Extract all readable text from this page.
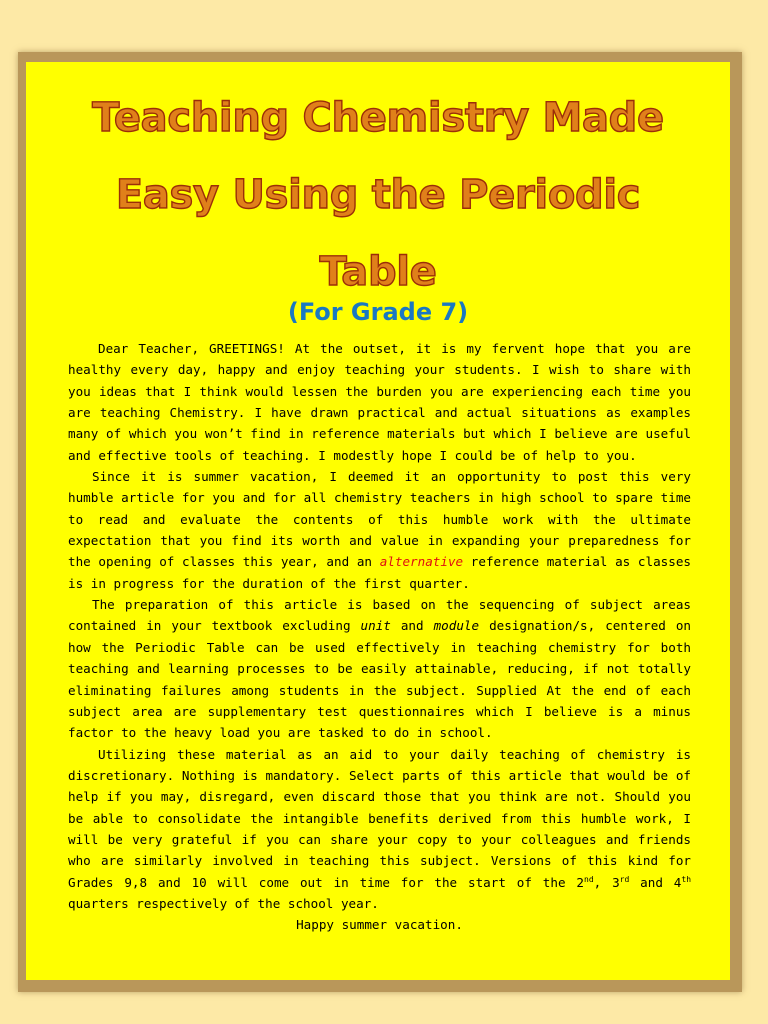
Teaching Chemistry Made
Easy Using the Periodic
Table
(For Grade 7)

Dear Teacher, GREETINGS! At the outset, it is my fervent hope that you are healthy every day, happy and enjoy teaching your students. I wish to share with you ideas that I think would lessen the burden you are experiencing each time you are teaching Chemistry. I have drawn practical and actual situations as examples many of which you won’t find in reference materials but which I believe are useful and effective tools of teaching. I modestly hope I could be of help to you.

Since it is summer vacation, I deemed it an opportunity to post this very humble article for you and for all chemistry teachers in high school to spare time to read and evaluate the contents of this humble work with the ultimate expectation that you find its worth and value in expanding your preparedness for the opening of classes this year, and an alternative reference material as classes is in progress for the duration of the first quarter.

The preparation of this article is based on the sequencing of subject areas contained in your textbook excluding unit and module designation/s, centered on how the Periodic Table can be used effectively in teaching chemistry for both teaching and learning processes to be easily attainable, reducing, if not totally eliminating failures among students in the subject. Supplied At the end of each subject area are supplementary test questionnaires which I believe is a minus factor to the heavy load you are tasked to do in school.

Utilizing these material as an aid to your daily teaching of chemistry is discretionary. Nothing is mandatory. Select parts of this article that would be of help if you may, disregard, even discard those that you think are not. Should you be able to consolidate the intangible benefits derived from this humble work, I will be very grateful if you can share your copy to your colleagues and friends who are similarly involved in teaching this subject. Versions of this kind for Grades 9,8 and 10 will come out in time for the start of the 2nd, 3rd and 4th quarters respectively of the school year.

Happy summer vacation.
